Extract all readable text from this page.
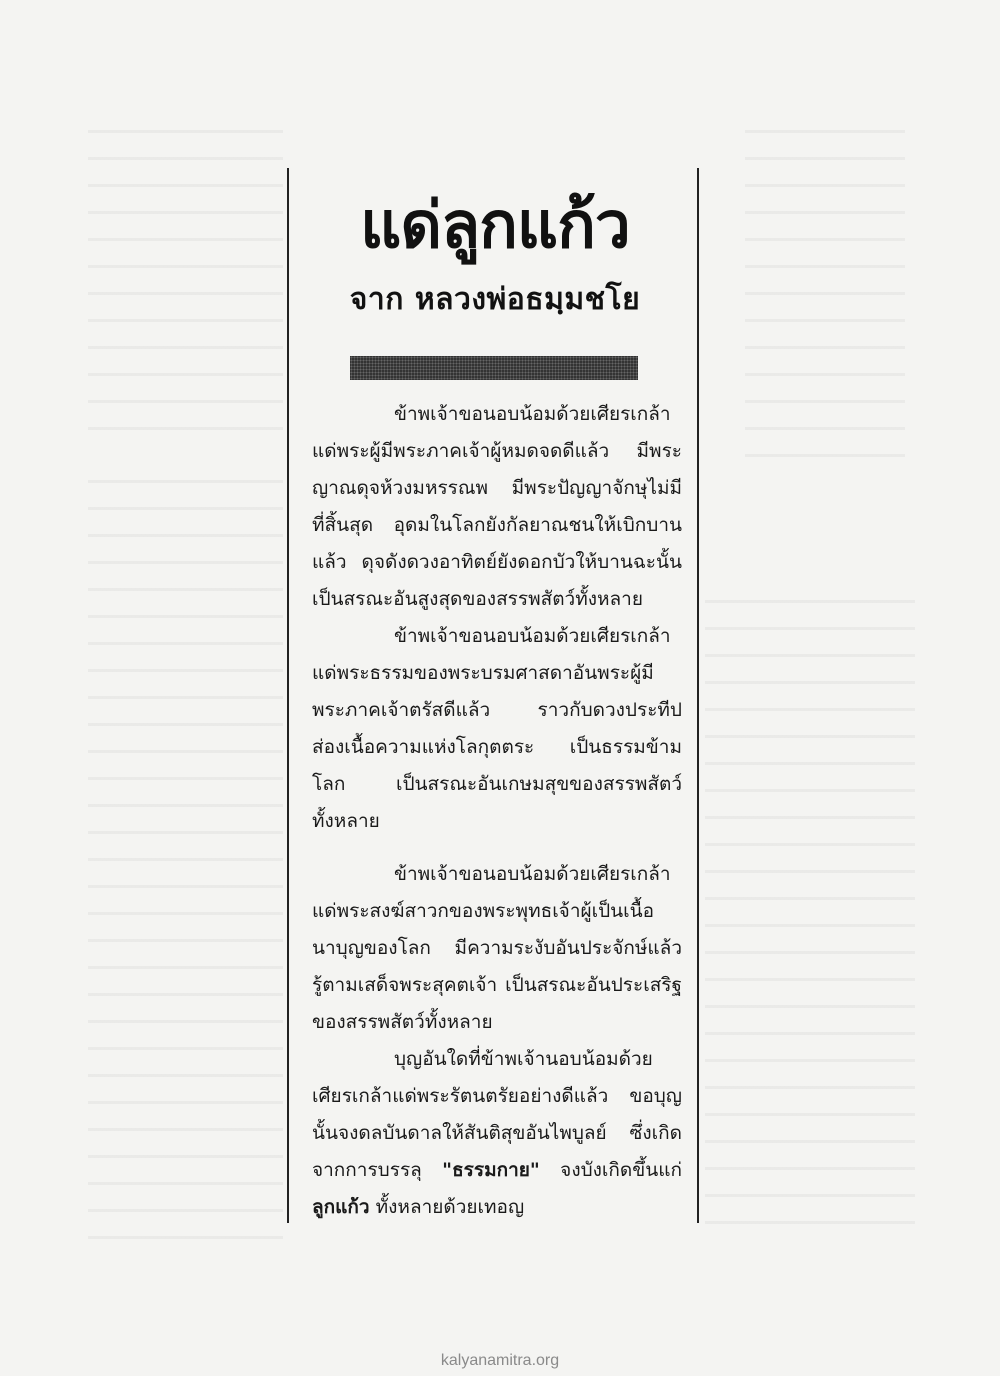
แด่ลูกแก้ว
จาก หลวงพ่อธมฺมชโย
ข้าพเจ้าขอนอบน้อมด้วยเศียรเกล้า
แด่พระผู้มีพระภาคเจ้าผู้หมดจดดีแล้ว มีพระ
ญาณดุจห้วงมหรรณพ มีพระปัญญาจักษุไม่มี
ที่สิ้นสุด อุดมในโลกยังกัลยาณชนให้เบิกบาน
แล้ว ดุจดังดวงอาทิตย์ยังดอกบัวให้บานฉะนั้น
เป็นสรณะอันสูงสุดของสรรพสัตว์ทั้งหลาย
ข้าพเจ้าขอนอบน้อมด้วยเศียรเกล้า
แด่พระธรรมของพระบรมศาสดาอันพระผู้มี
พระภาคเจ้าตรัสดีแล้ว ราวกับดวงประทีป
ส่องเนื้อความแห่งโลกุตตระ เป็นธรรมข้าม
โลก เป็นสรณะอันเกษมสุขของสรรพสัตว์
ทั้งหลาย
ข้าพเจ้าขอนอบน้อมด้วยเศียรเกล้า
แด่พระสงฆ์สาวกของพระพุทธเจ้าผู้เป็นเนื้อ
นาบุญของโลก มีความระงับอันประจักษ์แล้ว
รู้ตามเสด็จพระสุคตเจ้า เป็นสรณะอันประเสริฐ
ของสรรพสัตว์ทั้งหลาย
บุญอันใดที่ข้าพเจ้านอบน้อมด้วย
เศียรเกล้าแด่พระรัตนตรัยอย่างดีแล้ว ขอบุญ
นั้นจงดลบันดาลให้สันติสุขอันไพบูลย์ ซึ่งเกิด
จากการบรรลุ "ธรรมกาย" จงบังเกิดขึ้นแก่
ลูกแก้ว ทั้งหลายด้วยเทอญ
kalyanamitra.org
